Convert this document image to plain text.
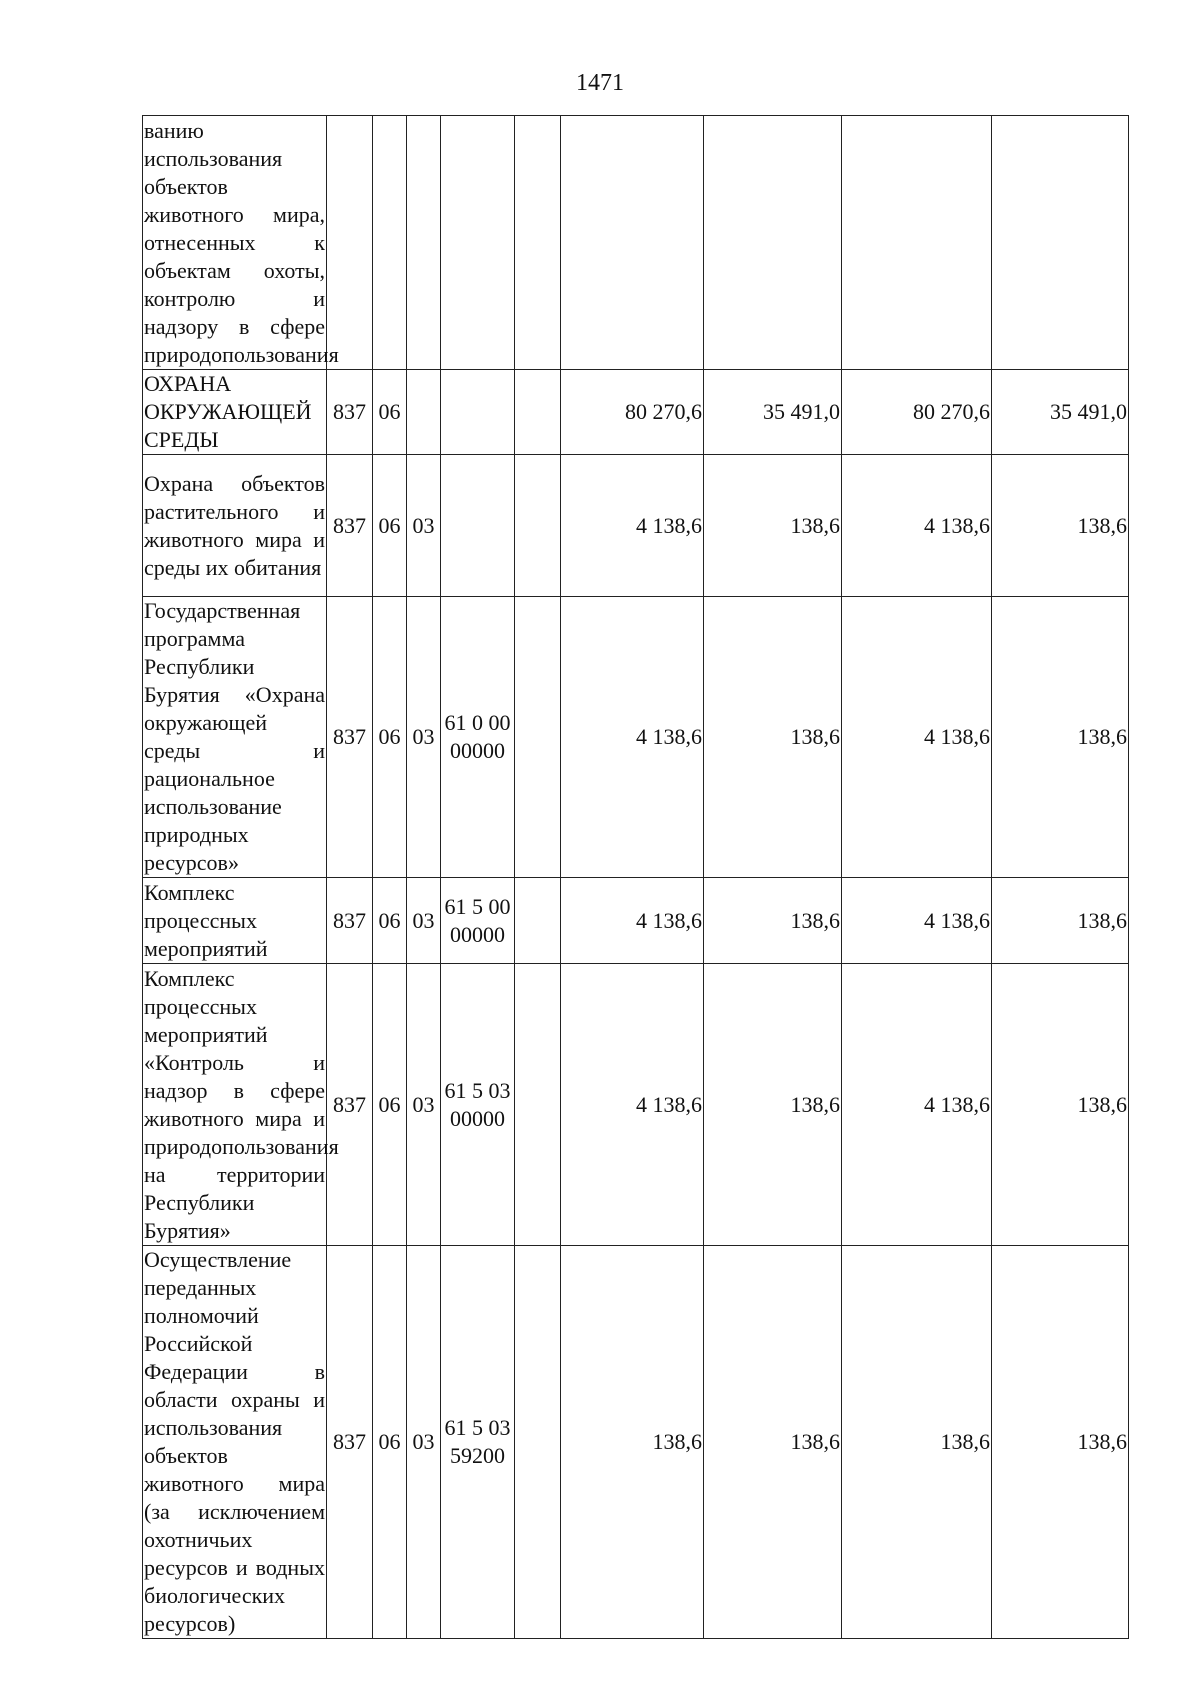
1471
ванию использования объектов животного мира, отнесенных к объектам охоты, контролю и надзору в сфере природопользования									
ОХРАНА ОКРУЖАЮЩЕЙ СРЕДЫ	837	06				80 270,6	35 491,0	80 270,6	35 491,0
Охрана объектов растительного и животного мира и среды их обитания	837	06	03			4 138,6	138,6	4 138,6	138,6
Государственная программа Республики Бурятия «Охрана окружающей среды и рациональное использование природных ресурсов»	837	06	03	61 0 00 00000		4 138,6	138,6	4 138,6	138,6
Комплекс процессных мероприятий	837	06	03	61 5 00 00000		4 138,6	138,6	4 138,6	138,6
Комплекс процессных мероприятий «Контроль и надзор в сфере животного мира и природопользования на территории Республики Бурятия»	837	06	03	61 5 03 00000		4 138,6	138,6	4 138,6	138,6
Осуществление переданных полномочий Российской Федерации в области охраны и использования объектов животного мира (за исключением охотничьих ресурсов и водных биологических ресурсов)	837	06	03	61 5 03 59200		138,6	138,6	138,6	138,6
